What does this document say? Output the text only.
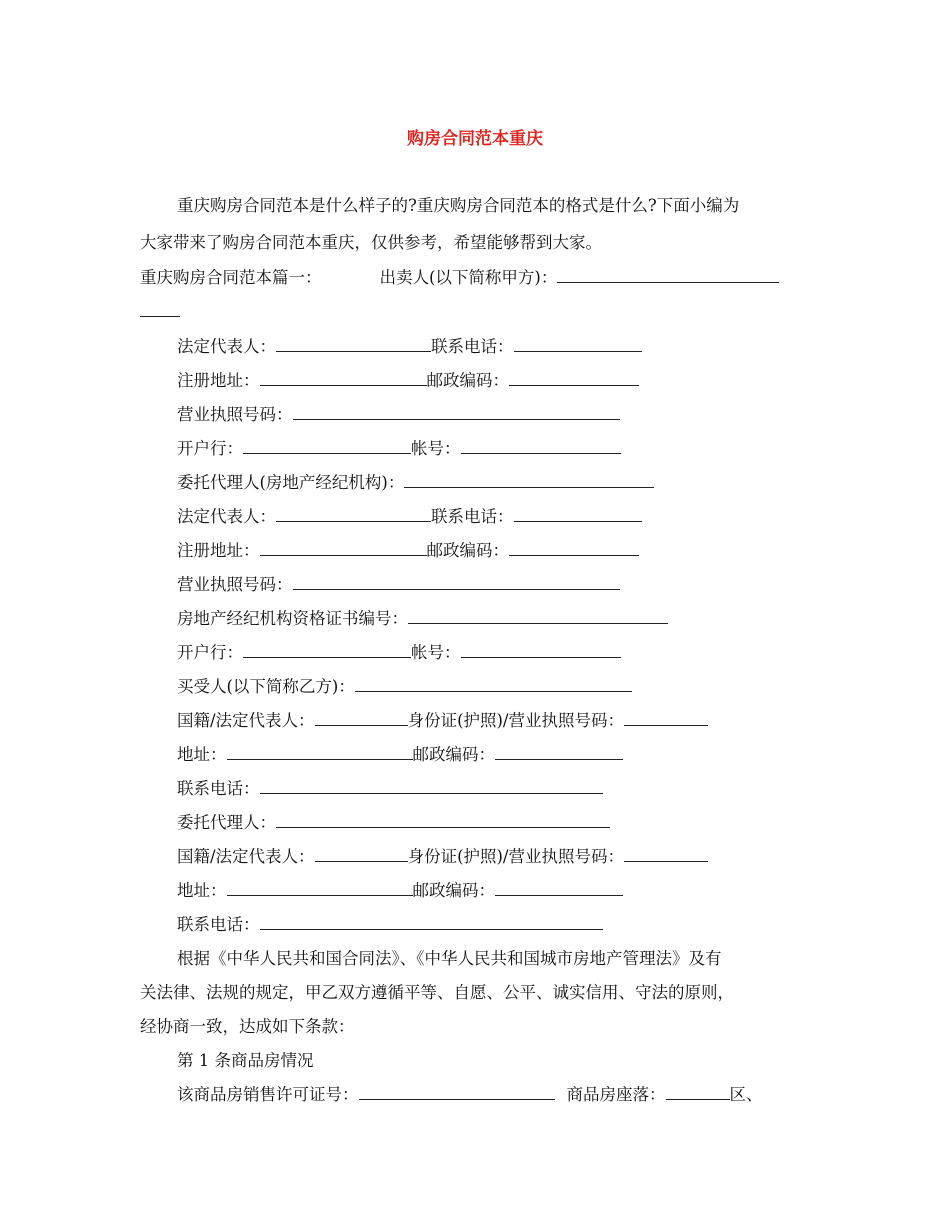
购房合同范本重庆
重庆购房合同范本是什么样子的?重庆购房合同范本的格式是什么?下面小编为
大家带来了购房合同范本重庆，仅供参考，希望能够帮到大家。
重庆购房合同范本篇一：	出卖人(以下简称甲方)：
法定代表人：	联系电话：
注册地址：	邮政编码：
营业执照号码：
开户行：	帐号：
委托代理人(房地产经纪机构)：
法定代表人：	联系电话：
注册地址：	邮政编码：
营业执照号码：
房地产经纪机构资格证书编号：
开户行：	帐号：
买受人(以下简称乙方)：
国籍/法定代表人：	身份证(护照)/营业执照号码：
地址：	邮政编码：
联系电话：
委托代理人：
国籍/法定代表人：	身份证(护照)/营业执照号码：
地址：	邮政编码：
联系电话：
根据《中华人民共和国合同法》、《中华人民共和国城市房地产管理法》及有
关法律、法规的规定，甲乙双方遵循平等、自愿、公平、诚实信用、守法的原则，
经协商一致，达成如下条款：
第 1 条商品房情况
该商品房销售许可证号：	商品房座落：	区、
